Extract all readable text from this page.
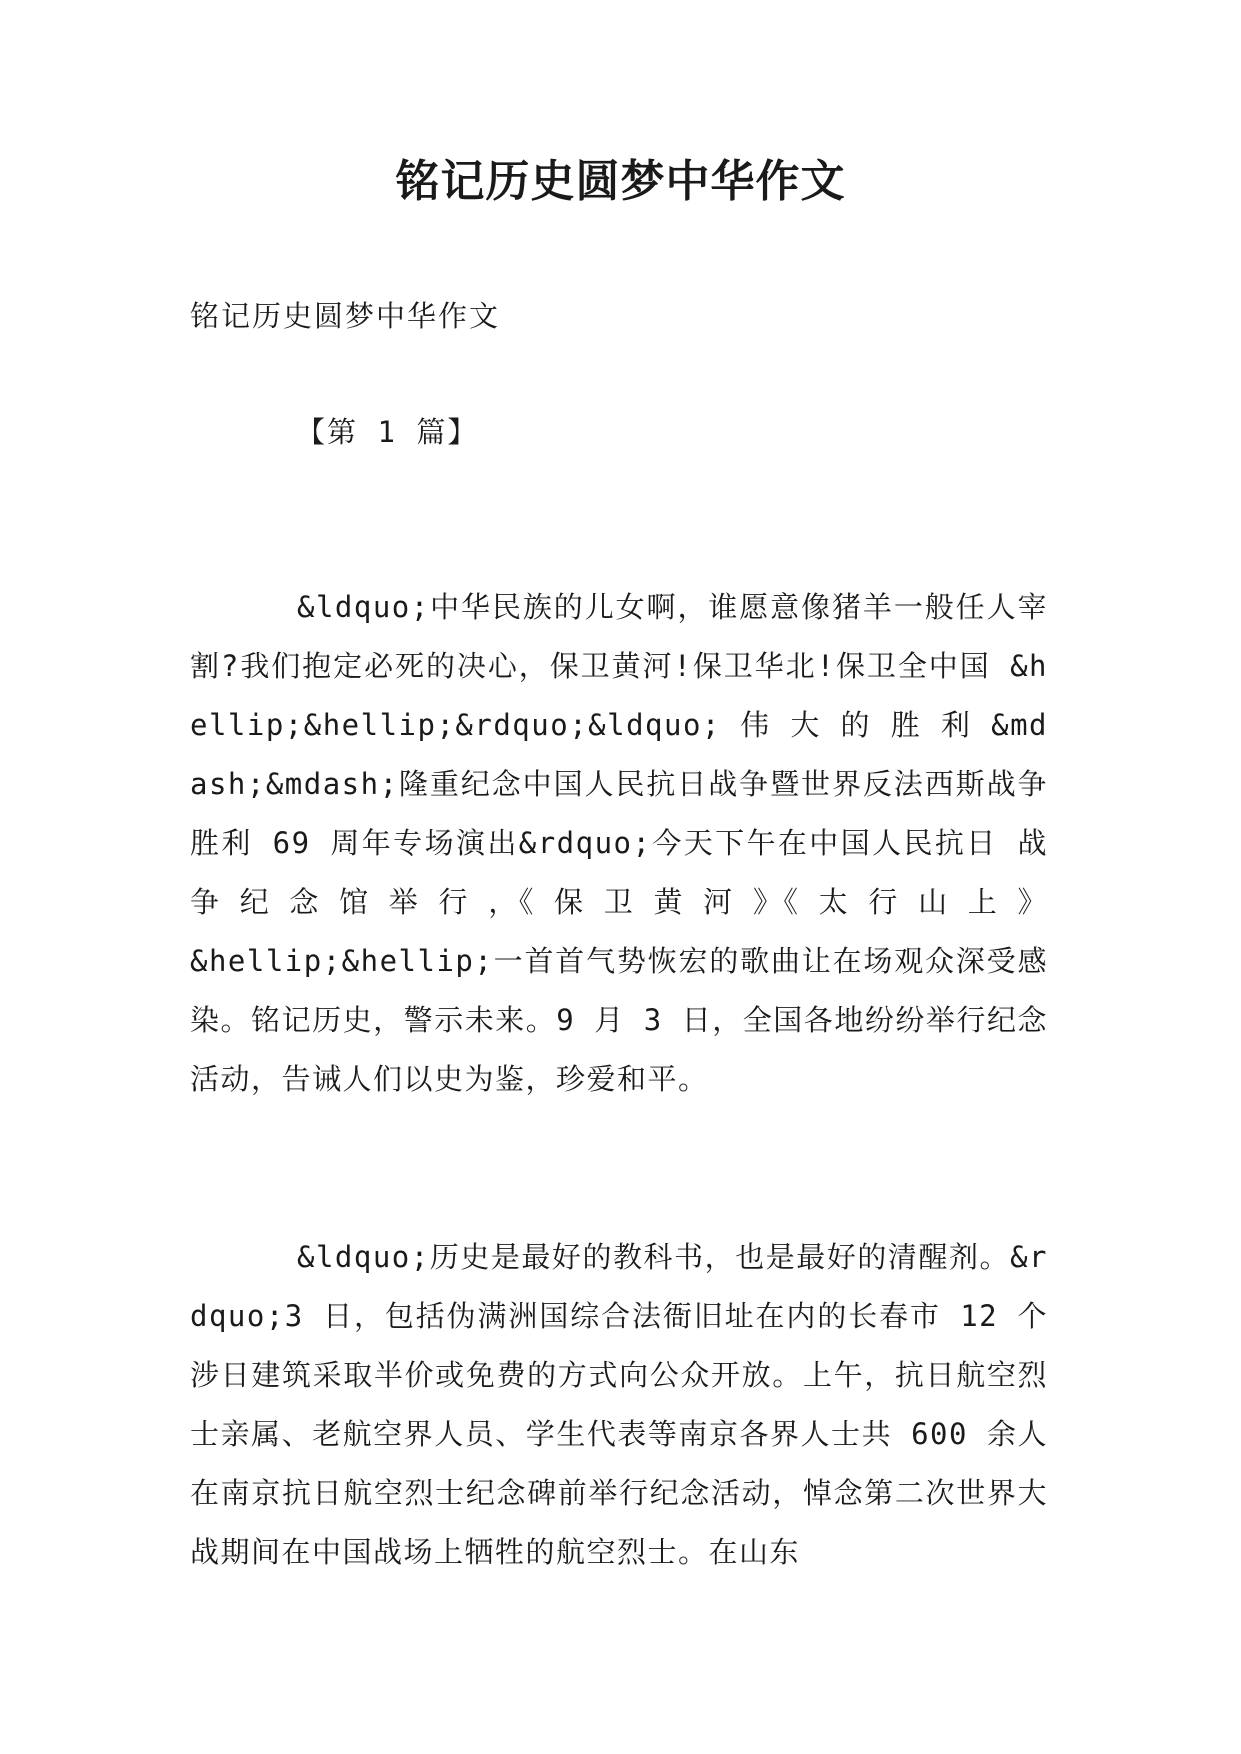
铭记历史圆梦中华作文

铭记历史圆梦中华作文

【第 1 篇】

&ldquo;中华民族的儿女啊，谁愿意像猪羊一般任人宰割?我们抱定必死的决心，保卫黄河!保卫华北!保卫全中国 &hellip;&hellip;&rdquo;&ldquo; 伟 大 的 胜 利 &mdash;&mdash;隆重纪念中国人民抗日战争暨世界反法西斯战争胜利 69 周年专场演出&rdquo;今天下午在中国人民抗日 战 争 纪 念 馆 举 行 ，《 保 卫 黄 河 》《 太 行 山 上 》&hellip;&hellip;一首首气势恢宏的歌曲让在场观众深受感染。铭记历史，警示未来。9 月 3 日，全国各地纷纷举行纪念活动，告诫人们以史为鉴，珍爱和平。

&ldquo;历史是最好的教科书，也是最好的清醒剂。&rdquo;3 日，包括伪满洲国综合法衙旧址在内的长春市 12 个涉日建筑采取半价或免费的方式向公众开放。上午，抗日航空烈士亲属、老航空界人员、学生代表等南京各界人士共 600 余人在南京抗日航空烈士纪念碑前举行纪念活动，悼念第二次世界大战期间在中国战场上牺牲的航空烈士。在山东
